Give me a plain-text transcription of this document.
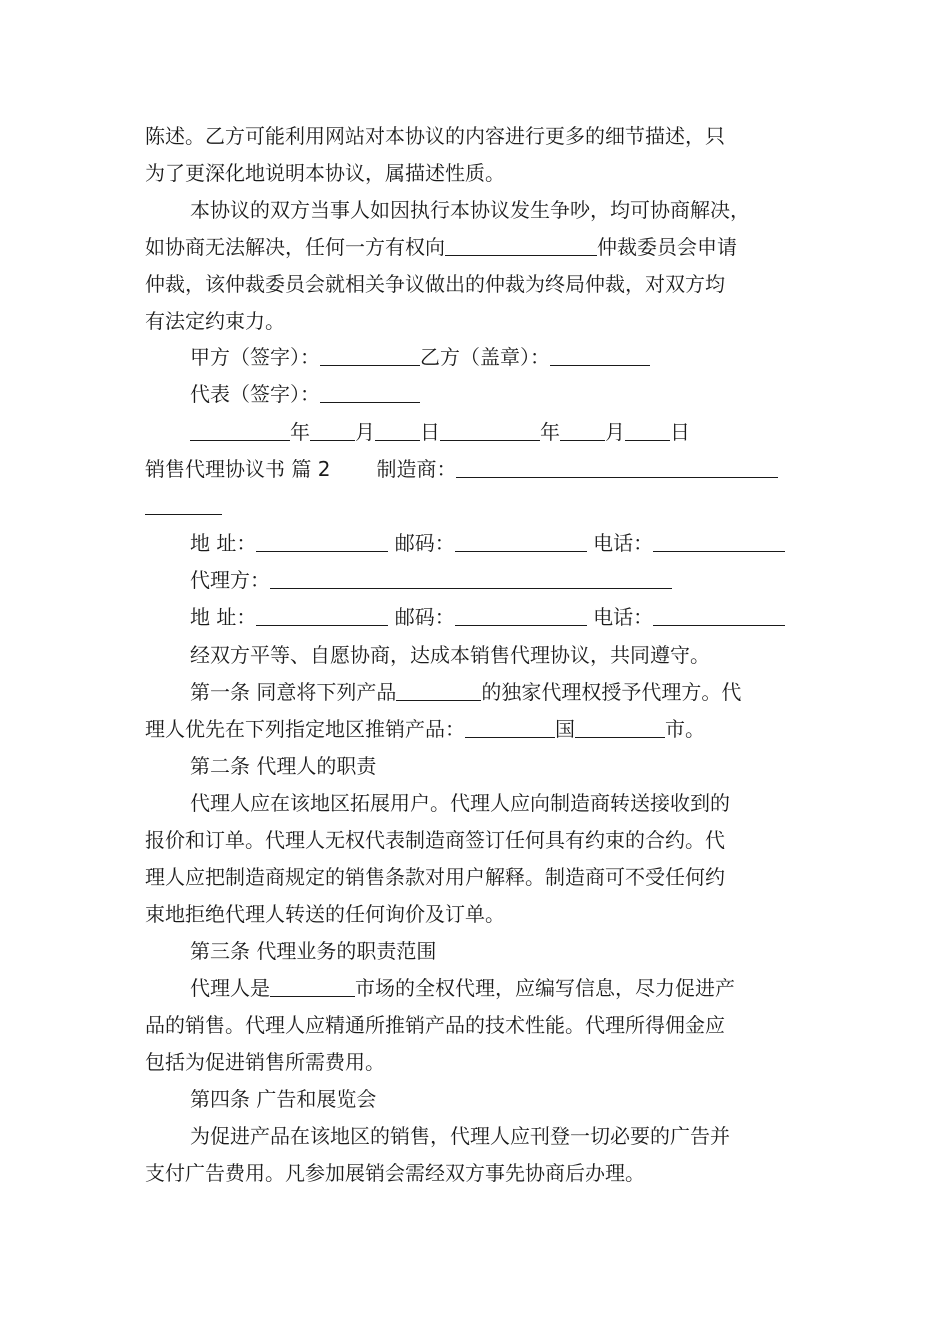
陈述。乙方可能利用网站对本协议的内容进行更多的细节描述，只
为了更深化地说明本协议，属描述性质。
本协议的双方当事人如因执行本协议发生争吵，均可协商解决，
如协商无法解决，任何一方有权向	仲裁委员会申请
仲裁，该仲裁委员会就相关争议做出的仲裁为终局仲裁，对双方均
有法定约束力。
甲方（签字）：	乙方（盖章）：
代表（签字）：
年 月 日	年 月 日
销售代理协议书 篇 2 制造商：
地 址：	邮码：	电话：
代理方：
地 址：	邮码：	电话：
经双方平等、自愿协商，达成本销售代理协议，共同遵守。
第一条 同意将下列产品	的独家代理权授予代理方。代
理人优先在下列指定地区推销产品：	国	市。
第二条 代理人的职责
代理人应在该地区拓展用户。代理人应向制造商转送接收到的
报价和订单。代理人无权代表制造商签订任何具有约束的合约。代
理人应把制造商规定的销售条款对用户解释。制造商可不受任何约
束地拒绝代理人转送的任何询价及订单。
第三条 代理业务的职责范围
代理人是	市场的全权代理，应编写信息，尽力促进产
品的销售。代理人应精通所推销产品的技术性能。代理所得佣金应
包括为促进销售所需费用。
第四条 广告和展览会
为促进产品在该地区的销售，代理人应刊登一切必要的广告并
支付广告费用。凡参加展销会需经双方事先协商后办理。
